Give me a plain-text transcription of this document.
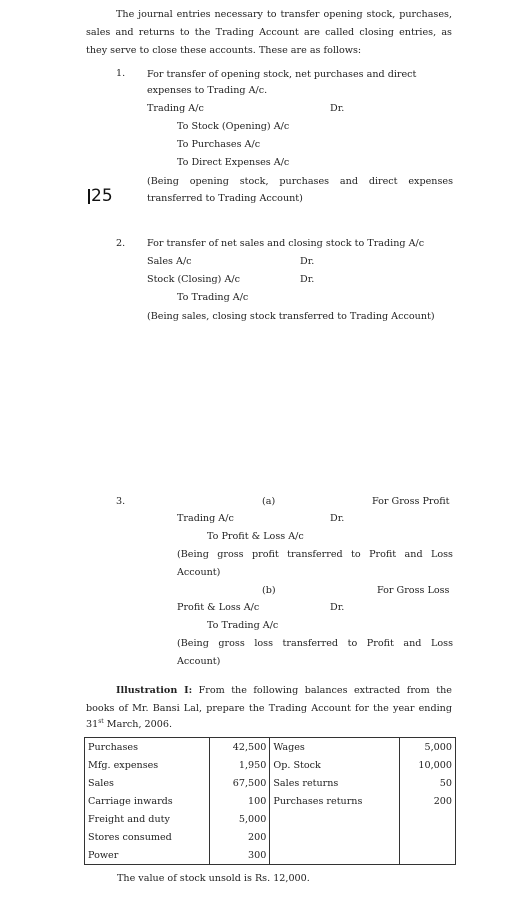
The journal entries necessary to transfer opening stock, purchases, sales and returns to the Trading Account are called closing entries, as they serve to close these accounts. These are as follows:
25
1. For transfer of opening stock, net purchases and direct
expenses to Trading A/c.
Trading A/c	Dr.
To Stock (Opening) A/c
To Purchases A/c
To Direct Expenses A/c
(Being opening stock, purchases and direct expenses
transferred to Trading Account)
2. For transfer of net sales and closing stock to Trading A/c
Sales A/c	Dr.
Stock (Closing) A/c	Dr.
To Trading A/c
(Being sales, closing stock transferred to Trading Account)
3.	(a)	For Gross Profit
Trading A/c	Dr.
To Profit & Loss A/c
(Being gross profit transferred to Profit and Loss
Account)
(b)	For Gross Loss
Profit & Loss A/c	Dr.
To Trading A/c
(Being gross loss transferred to Profit and Loss
Account)
Illustration I: From the following balances extracted from the
books of Mr. Bansi Lal, prepare the Trading Account for the year ending
31st March, 2006.
Purchases	42,500	Wages	5,000
Mfg. expenses	1,950	Op. Stock	10,000
Sales	67,500	Sales returns	50
Carriage inwards	100	Purchases returns	200
Freight and duty	5,000		
Stores consumed	200		
Power	300		
The value of stock unsold is Rs. 12,000.
